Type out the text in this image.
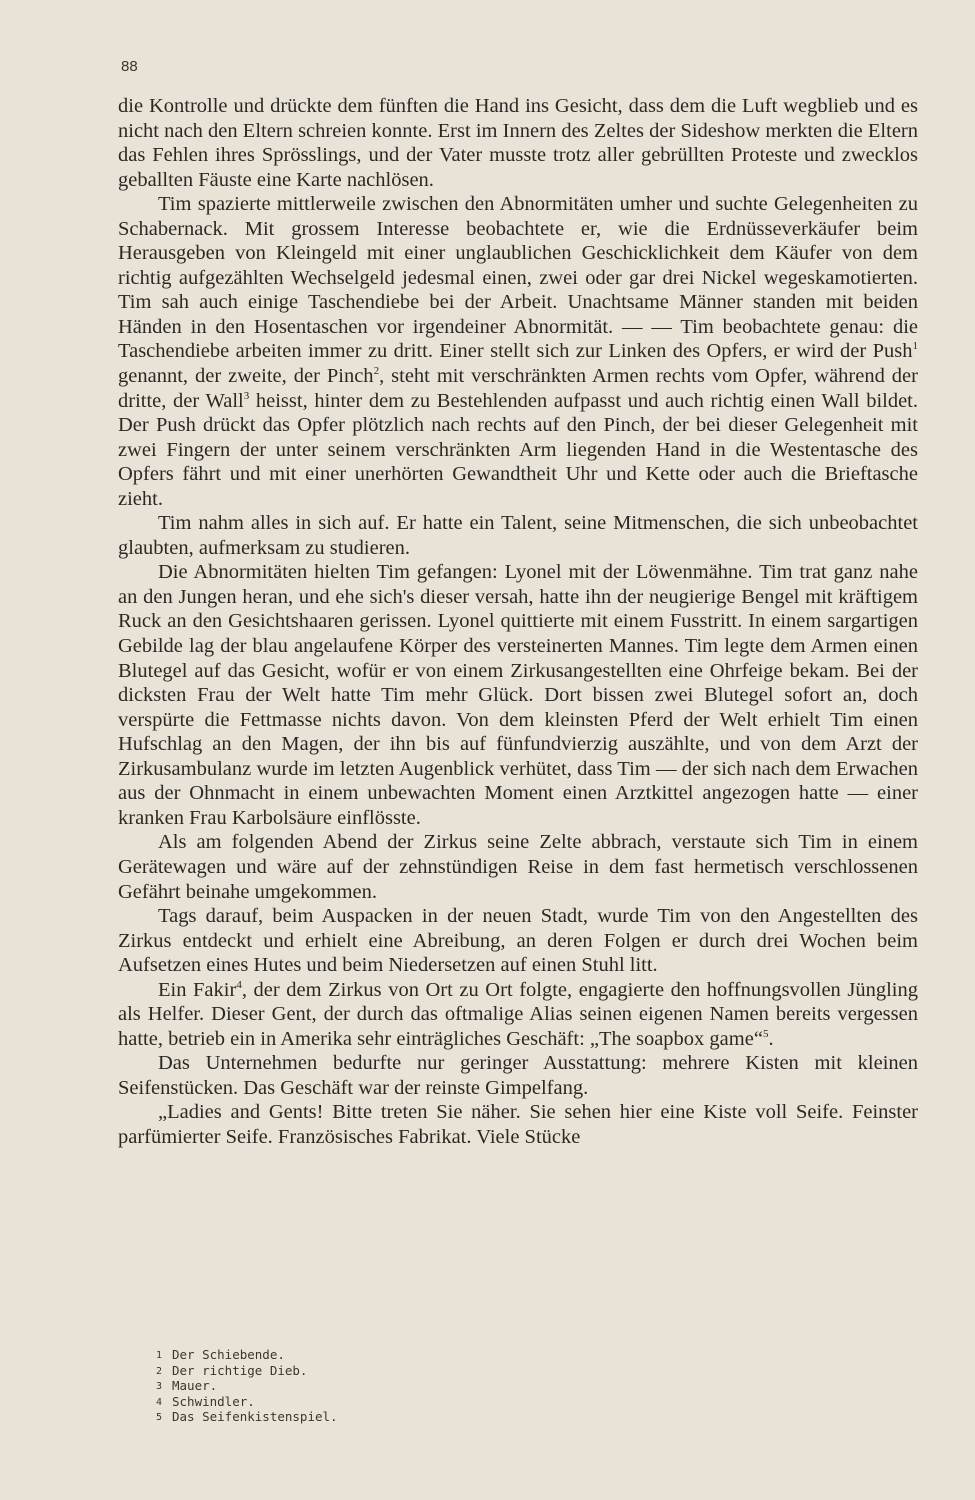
88

die Kontrolle und drückte dem fünften die Hand ins Gesicht, dass dem die Luft wegblieb und es nicht nach den Eltern schreien konnte. Erst im Innern des Zeltes der Sideshow merkten die Eltern das Fehlen ihres Sprösslings, und der Vater musste trotz aller gebrüllten Proteste und zwecklos geballten Fäuste eine Karte nachlösen.

Tim spazierte mittlerweile zwischen den Abnormitäten umher und suchte Gelegenheiten zu Schabernack. Mit grossem Interesse beobachtete er, wie die Erdnüsseverkäufer beim Herausgeben von Kleingeld mit einer unglaublichen Geschicklichkeit dem Käufer von dem richtig aufgezählten Wechselgeld jedesmal einen, zwei oder gar drei Nickel wegeskamotierten. Tim sah auch einige Taschendiebe bei der Arbeit. Unachtsame Männer standen mit beiden Händen in den Hosentaschen vor irgendeiner Abnormität. — — Tim beobachtete genau: die Taschendiebe arbeiten immer zu dritt. Einer stellt sich zur Linken des Opfers, er wird der Push$^1$ genannt, der zweite, der Pinch$^2$, steht mit verschränkten Armen rechts vom Opfer, während der dritte, der Wall$^3$ heisst, hinter dem zu Bestehlenden aufpasst und auch richtig einen Wall bildet. Der Push drückt das Opfer plötzlich nach rechts auf den Pinch, der bei dieser Gelegenheit mit zwei Fingern der unter seinem verschränkten Arm liegenden Hand in die Westentasche des Opfers fährt und mit einer unerhörten Gewandtheit Uhr und Kette oder auch die Brieftasche zieht.

Tim nahm alles in sich auf. Er hatte ein Talent, seine Mitmenschen, die sich unbeobachtet glaubten, aufmerksam zu studieren.

Die Abnormitäten hielten Tim gefangen: Lyonel mit der Löwenmähne. Tim trat ganz nahe an den Jungen heran, und ehe sich's dieser versah, hatte ihn der neugierige Bengel mit kräftigem Ruck an den Gesichtshaaren gerissen. Lyonel quittierte mit einem Fusstritt. In einem sargartigen Gebilde lag der blau angelaufene Körper des versteinerten Mannes. Tim legte dem Armen einen Blutegel auf das Gesicht, wofür er von einem Zirkusangestellten eine Ohrfeige bekam. Bei der dicksten Frau der Welt hatte Tim mehr Glück. Dort bissen zwei Blutegel sofort an, doch verspürte die Fettmasse nichts davon. Von dem kleinsten Pferd der Welt erhielt Tim einen Hufschlag an den Magen, der ihn bis auf fünfundvierzig auszählte, und von dem Arzt der Zirkusambulanz wurde im letzten Augenblick verhütet, dass Tim — der sich nach dem Erwachen aus der Ohnmacht in einem unbewachten Moment einen Arztkittel angezogen hatte — einer kranken Frau Karbolsäure einflösste.

Als am folgenden Abend der Zirkus seine Zelte abbrach, verstaute sich Tim in einem Gerätewagen und wäre auf der zehnstündigen Reise in dem fast hermetisch verschlossenen Gefährt beinahe umgekommen.

Tags darauf, beim Auspacken in der neuen Stadt, wurde Tim von den Angestellten des Zirkus entdeckt und erhielt eine Abreibung, an deren Folgen er durch drei Wochen beim Aufsetzen eines Hutes und beim Niedersetzen auf einen Stuhl litt.

Ein Fakir$^4$, der dem Zirkus von Ort zu Ort folgte, engagierte den hoffnungsvollen Jüngling als Helfer. Dieser Gent, der durch das oftmalige Alias seinen eigenen Namen bereits vergessen hatte, betrieb ein in Amerika sehr einträgliches Geschäft: „The soapbox game“$^5$.

Das Unternehmen bedurfte nur geringer Ausstattung: mehrere Kisten mit kleinen Seifenstücken. Das Geschäft war der reinste Gimpelfang.

„Ladies and Gents! Bitte treten Sie näher. Sie sehen hier eine Kiste voll Seife. Feinster parfümierter Seife. Französisches Fabrikat. Viele Stücke

1 Der Schiebende.
2 Der richtige Dieb.
3 Mauer.
4 Schwindler.
5 Das Seifenkistenspiel.
